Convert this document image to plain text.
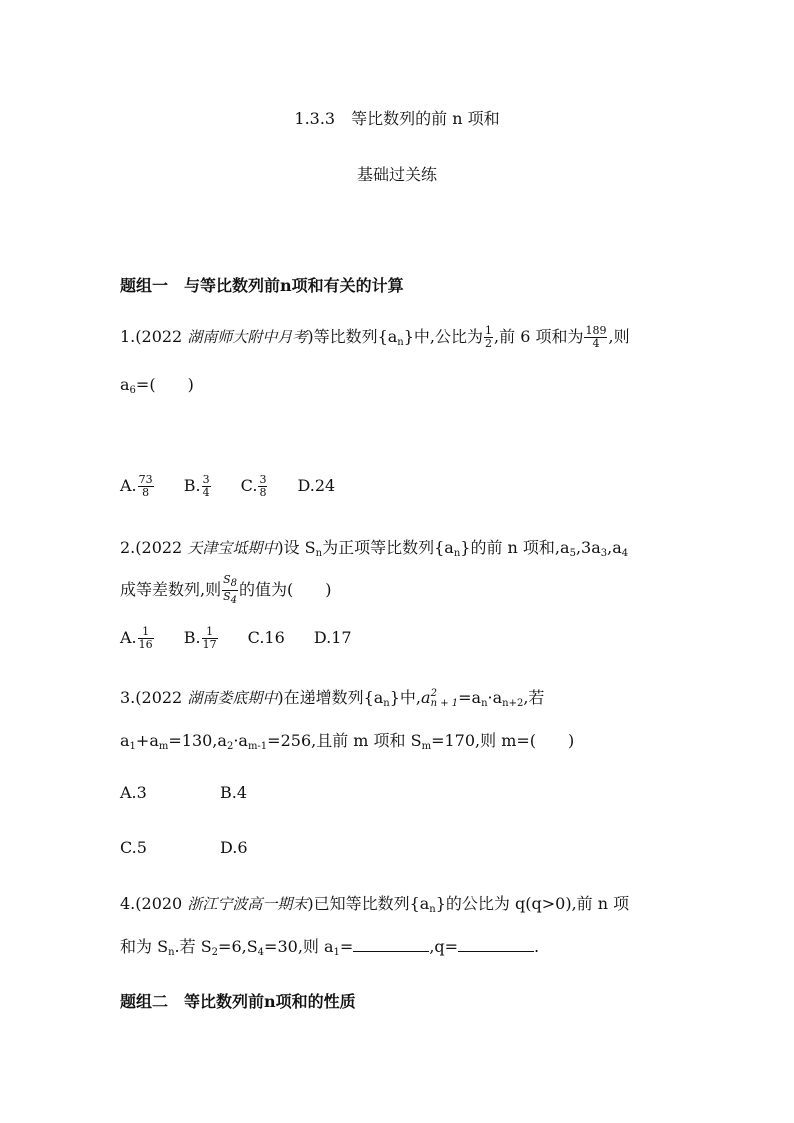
1.3.3　等比数列的前 n 项和
基础过关练
题组一　与等比数列前n项和有关的计算
1.(2022 湖南师大附中月考)等比数列$\{a_n\}$中,公比为 $\frac{1}{2}$ ,前 6 项和为 $\frac{189}{4}$ ,则
$a_6=$(　　)
A. $\frac{73}{8} B$. $\frac{3}{4} C$. $\frac{3}{8} D.24$
2.(2022 天津宝坻期中)设 $S_n$为正项等比数列$\{a_n\}$的前 n 项和$,a_5,3a_3,a_4$
成等差数列,则 $\frac{S_8}{S_4}$ 的值为(　　)
A. $\frac{1}{16} B$. $\frac{1}{17} C.16$ D.17
3.(2022 湖南娄底期中)在递增数列$\{a_n\}$中,a 2
$n + 1 =a_n\cdot a_{n+2}$,若
$a_1+a_m=130,a_2\cdot a_{m-1}=256$,且前 m 项和 $S_m=170$,则 m=(　　)
A.3	B.4
C.5	D.6
4.(2020 浙江宁波高一期末)已知等比数列$\{a_n\}$的公比为 q(q>0),前 n 项
和为 $S_n$.若 $S_2=6,S_4=30$,则 $a_1=$	,q=	.
题组二　等比数列前n项和的性质
